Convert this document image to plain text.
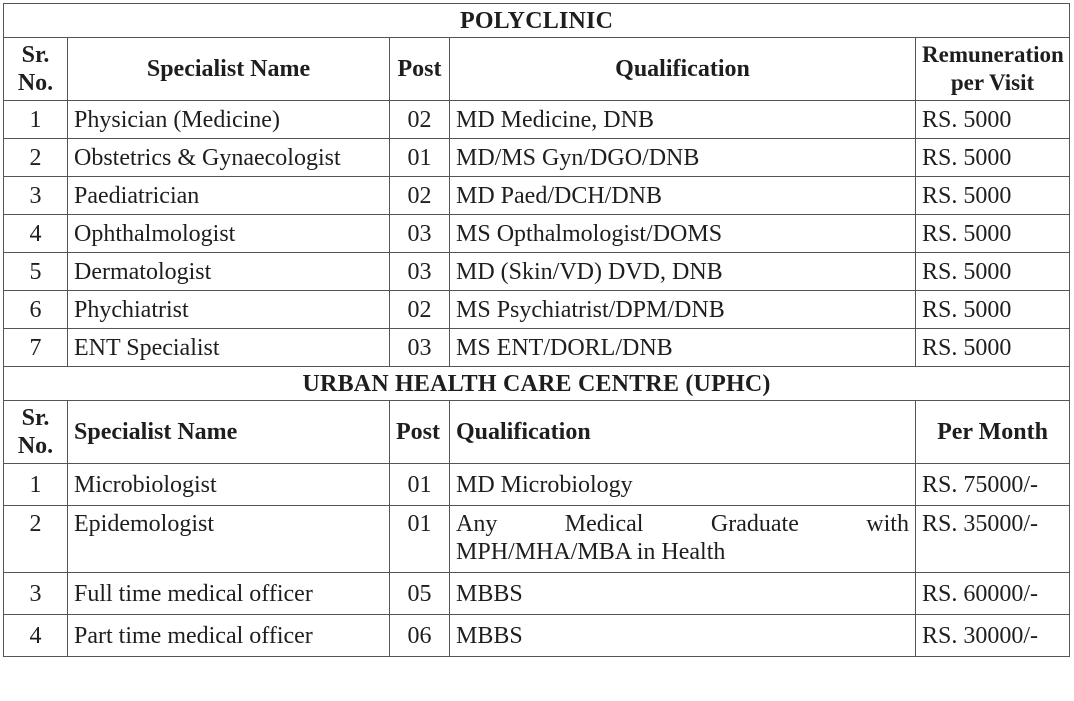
POLYCLINIC				
Sr. No.	Specialist Name	Post	Qualification	Remuneration per Visit
1	Physician (Medicine)	02	MD Medicine, DNB	RS. 5000
2	Obstetrics & Gynaecologist	01	MD/MS Gyn/DGO/DNB	RS. 5000
3	Paediatrician	02	MD Paed/DCH/DNB	RS. 5000
4	Ophthalmologist	03	MS Opthalmologist/DOMS	RS. 5000
5	Dermatologist	03	MD (Skin/VD) DVD, DNB	RS. 5000
6	Phychiatrist	02	MS Psychiatrist/DPM/DNB	RS. 5000
7	ENT Specialist	03	MS ENT/DORL/DNB	RS. 5000
URBAN HEALTH CARE CENTRE (UPHC)				
Sr. No.	Specialist Name	Post	Qualification	Per Month
1	Microbiologist	01	MD Microbiology	RS. 75000/-
2	Epidemologist	01	Any Medical Graduate with
MPH/MHA/MBA in Health	RS. 35000/-
3	Full time medical officer	05	MBBS	RS. 60000/-
4	Part time medical officer	06	MBBS	RS. 30000/-
